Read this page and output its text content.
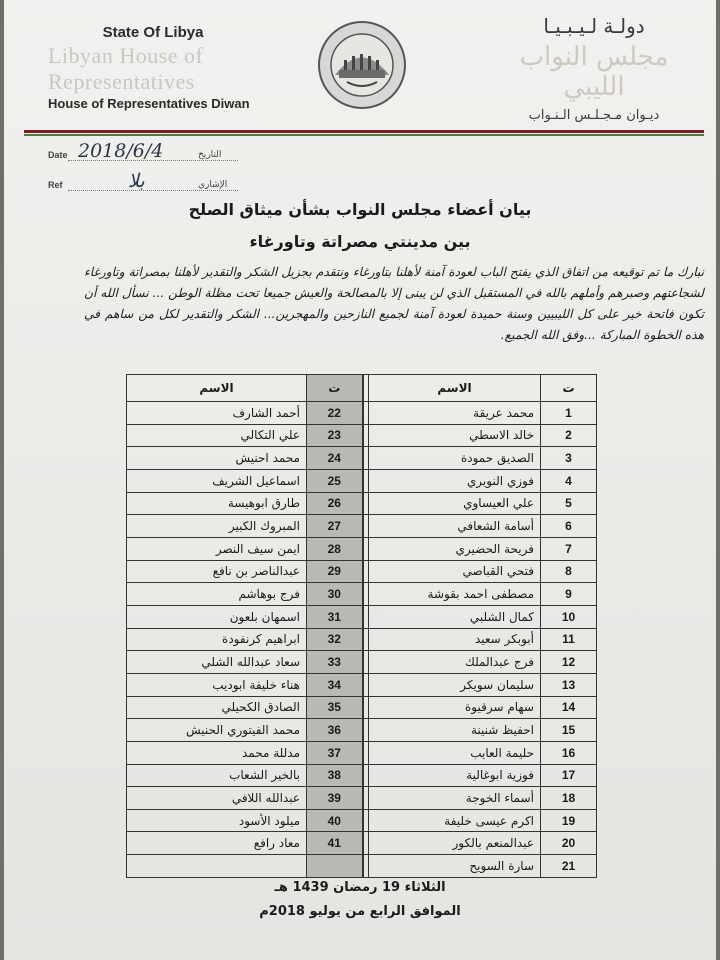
State Of Libya
Libyan House of
Representatives
House of Representatives Diwan
دولـة لـيـبـيـا
مجلس النواب الليبي
ديـوان مـجـلـس الـنـواب
Date	التاريخ
2018/6/4
Ref	الإشاري
بلا
بيان أعضاء مجلس النواب بشأن ميثاق الصلح
بين مدينتي مصراتة وتاورغاء
نبارك ما تم توقيعه من اتفاق الذي يفتح الباب لعودة آمنة لأهلنا بتاورغاء ونتقدم بجزيل الشكر والتقدير لأهلنا بمصراتة وتاورغاء لشجاعتهم وصبرهم وأملهم بالله في المستقبل الذي لن يبنى إلا بالمصالحة والعيش جميعا تحت مظلة الوطن ... نسأل الله أن تكون فاتحة خير على كل الليبيين وسنة حميدة لعودة آمنة لجميع النازحين والمهجرين... الشكر والتقدير لكل من ساهم في هذه الخطوة المباركة ...وفق الله الجميع.
ت	الاسم		ت	الاسم
1	محمد عريقة		22	أحمد الشارف
2	خالد الاسطي		23	علي التكالي
3	الصديق حمودة		24	محمد احنيش
4	فوزي النويري		25	اسماعيل الشريف
5	علي العيساوي		26	طارق ابوهيسة
6	أسامة الشعافي		27	المبروك الكبير
7	فريحة الحضيري		28	ايمن سيف النصر
8	فتحي القباصي		29	عبدالناصر بن نافع
9	مصطفى احمد بقوشة		30	فرج بوهاشم
10	كمال الشلبي		31	اسمهان بلعون
11	أبوبكر سعيد		32	ابراهيم كرنفودة
12	فرج عبدالملك		33	سعاد عبدالله الشلي
13	سليمان سويكر		34	هناء خليفة ابوديب
14	سهام سرقيوة		35	الصادق الكحيلي
15	احفيظ شنينة		36	محمد الفيتوري الحنيش
16	حليمة العايب		37	مدللة محمد
17	فوزية ابوغالية		38	بالخير الشعاب
18	أسماء الخوجة		39	عبدالله اللافي
19	اكرم عيسى خليفة		40	ميلود الأسود
20	عبدالمنعم بالكور		41	معاد رافع
21	سارة السويح			
الثلاثاء 19 رمضان 1439 هـ
الموافق الرابع من يوليو 2018م
